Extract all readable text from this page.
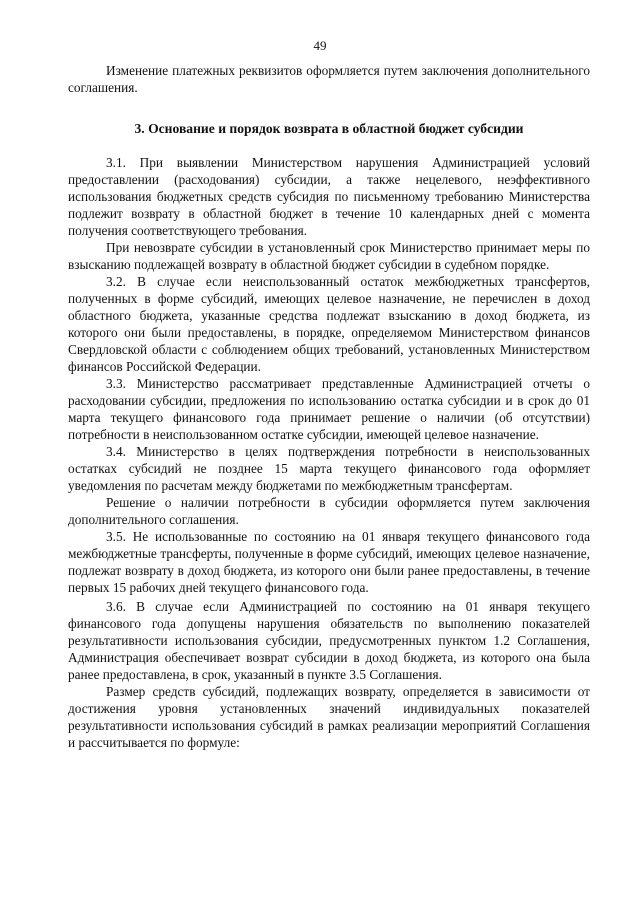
49

Изменение платежных реквизитов оформляется путем заключения дополнительного соглашения.

3. Основание и порядок возврата в областной бюджет субсидии

3.1. При выявлении Министерством нарушения Администрацией условий предоставлении (расходования) субсидии, а также нецелевого, неэффективного использования бюджетных средств субсидия по письменному требованию Министерства подлежит возврату в областной бюджет в течение 10 календарных дней с момента получения соответствующего требования.

При невозврате субсидии в установленный срок Министерство принимает меры по взысканию подлежащей возврату в областной бюджет субсидии в судебном порядке.

3.2. В случае если неиспользованный остаток межбюджетных трансфертов, полученных в форме субсидий, имеющих целевое назначение, не перечислен в доход областного бюджета, указанные средства подлежат взысканию в доход бюджета, из которого они были предоставлены, в порядке, определяемом Министерством финансов Свердловской области с соблюдением общих требований, установленных Министерством финансов Российской Федерации.

3.3. Министерство рассматривает представленные Администрацией отчеты о расходовании субсидии, предложения по использованию остатка субсидии и в срок до 01 марта текущего финансового года принимает решение о наличии (об отсутствии) потребности в неиспользованном остатке субсидии, имеющей целевое назначение.

3.4. Министерство в целях подтверждения потребности в неиспользованных остатках субсидий не позднее 15 марта текущего финансового года оформляет уведомления по расчетам между бюджетами по межбюджетным трансфертам.

Решение о наличии потребности в субсидии оформляется путем заключения дополнительного соглашения.

3.5. Не использованные по состоянию на 01 января текущего финансового года межбюджетные трансферты, полученные в форме субсидий, имеющих целевое назначение, подлежат возврату в доход бюджета, из которого они были ранее предоставлены, в течение первых 15 рабочих дней текущего финансового года.

3.6. В случае если Администрацией по состоянию на 01 января текущего финансового года допущены нарушения обязательств по выполнению показателей результативности использования субсидии, предусмотренных пунктом 1.2 Соглашения, Администрация обеспечивает возврат субсидии в доход бюджета, из которого она была ранее предоставлена, в срок, указанный в пункте 3.5 Соглашения.

Размер средств субсидий, подлежащих возврату, определяется в зависимости от достижения уровня установленных значений индивидуальных показателей результативности использования субсидий в рамках реализации мероприятий Соглашения и рассчитывается по формуле:
